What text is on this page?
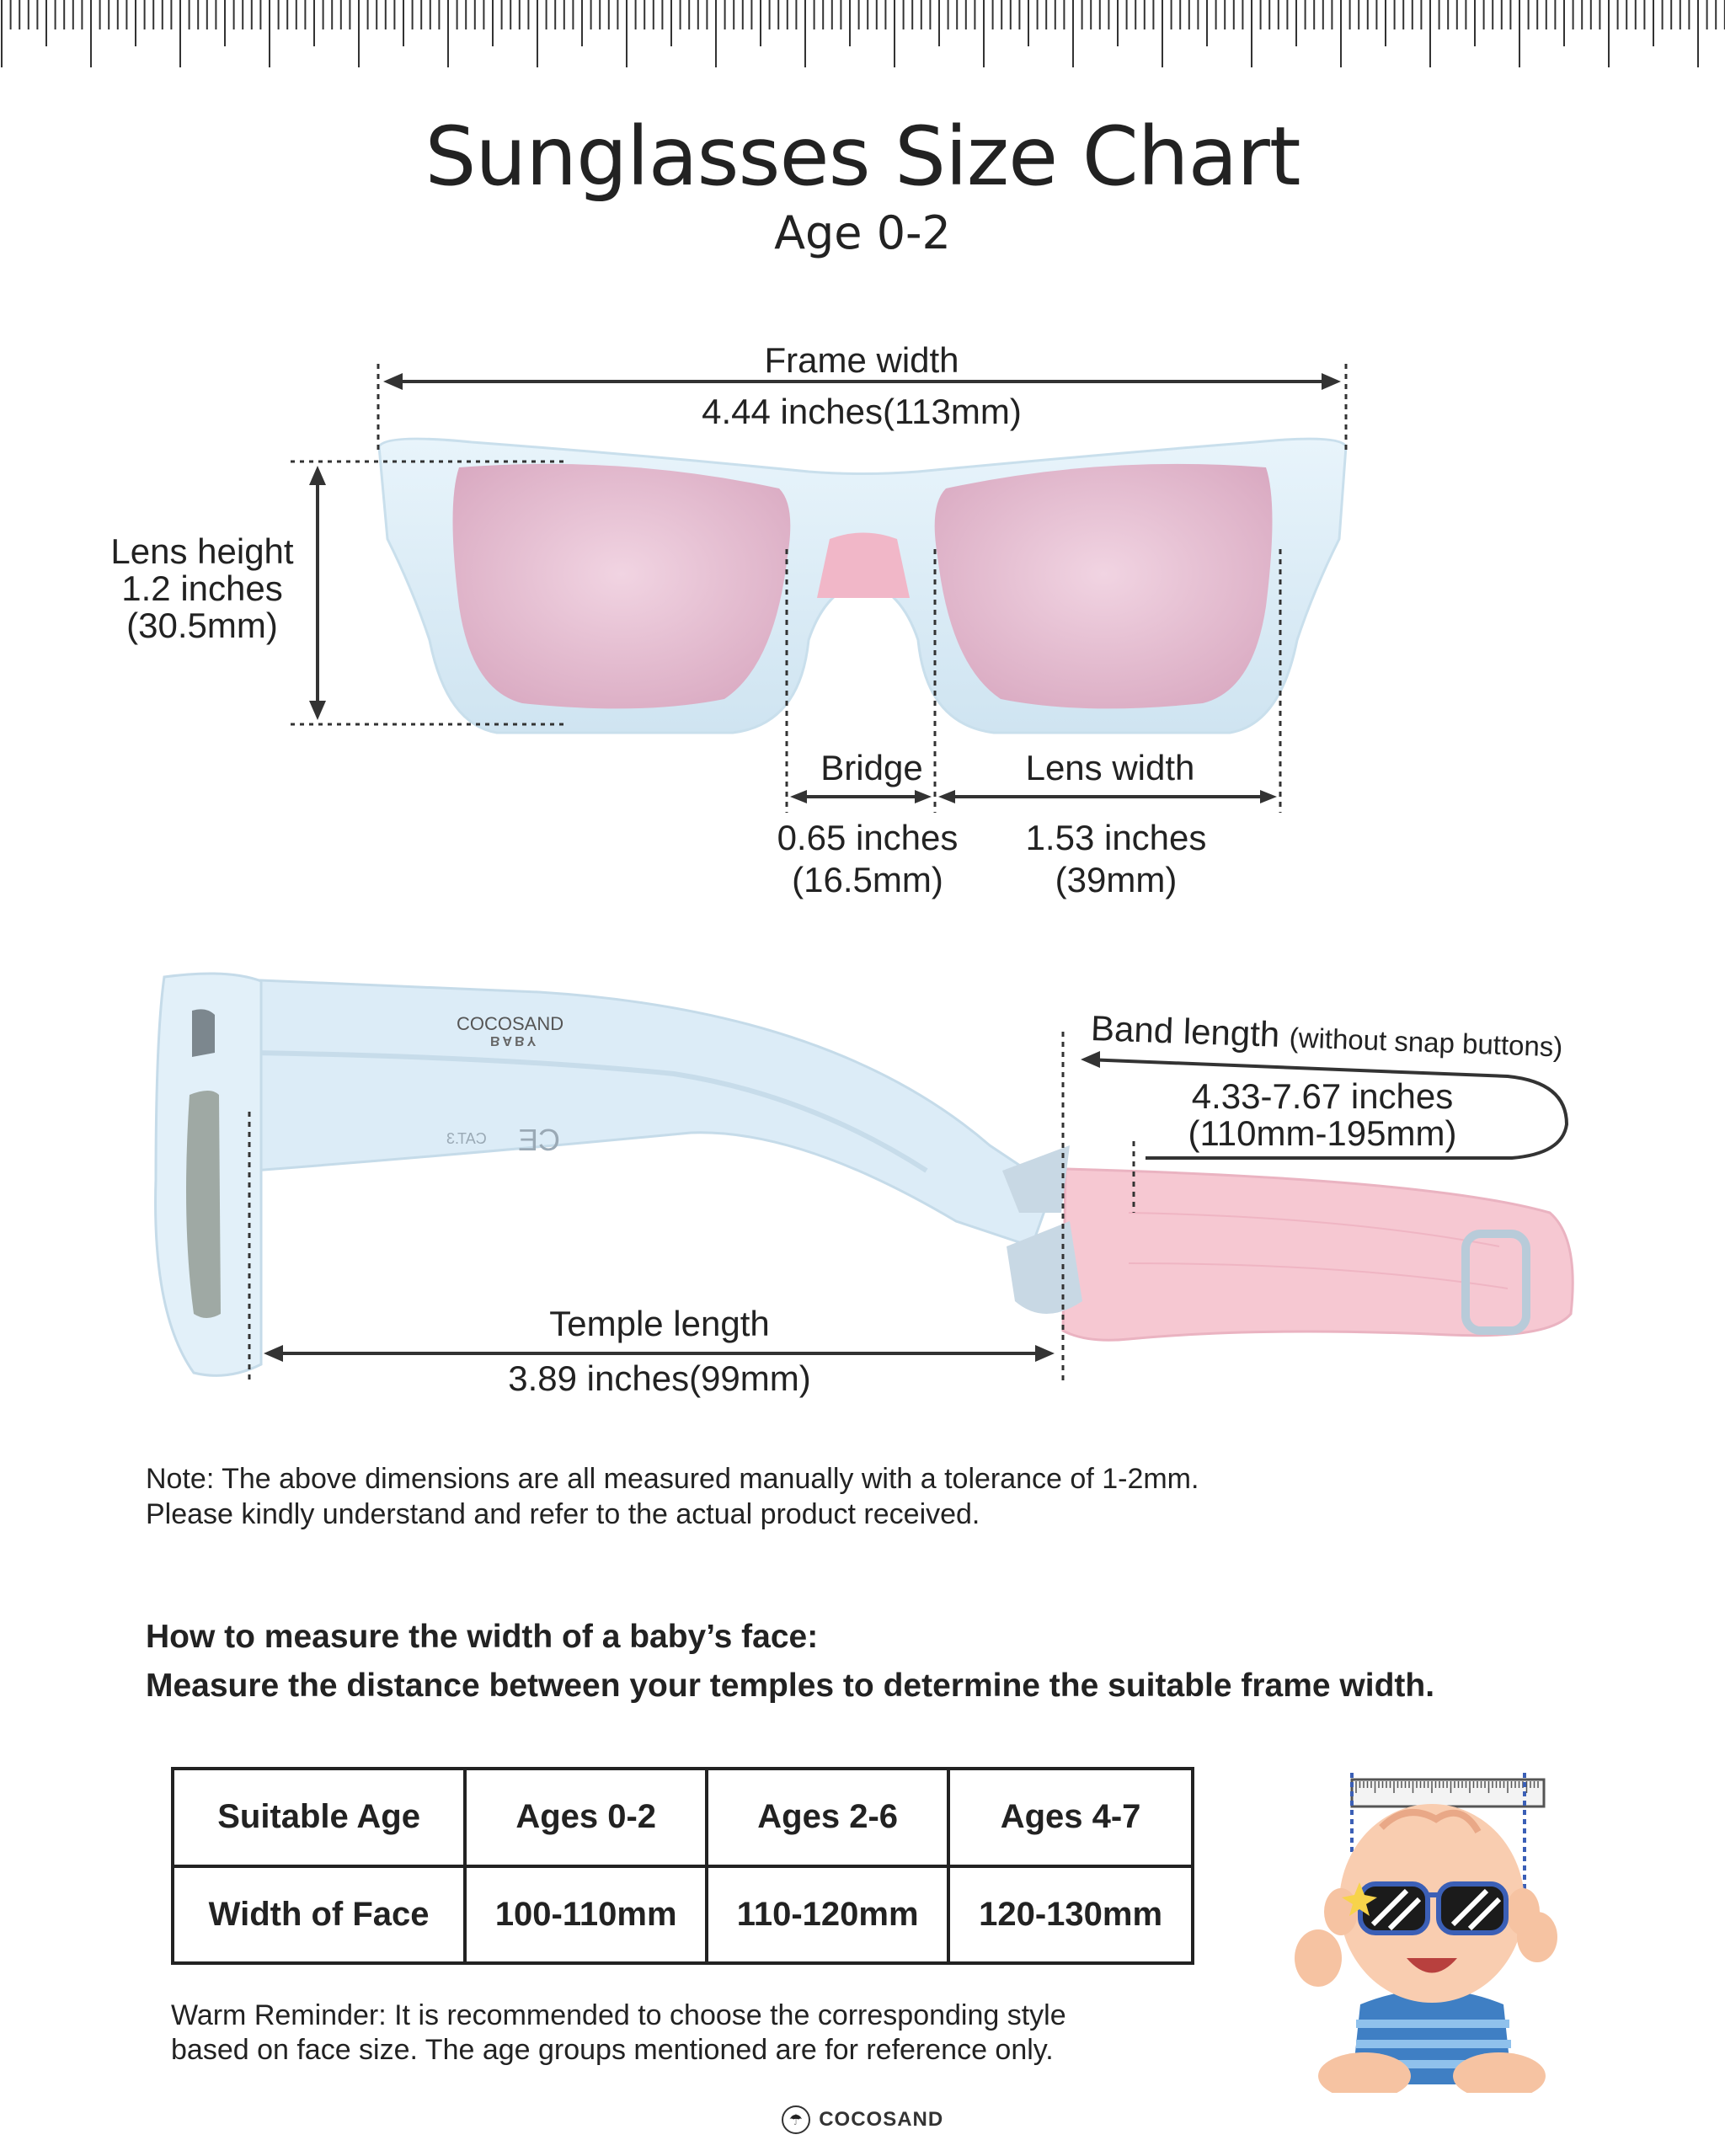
Sunglasses Size Chart
Age 0-2
Frame width
4.44 inches(113mm)
Lens height
1.2 inches
(30.5mm)
Bridge
0.65 inches
(16.5mm)
Lens width
1.53 inches
(39mm)
COCOSAND
BABY
CAT.3 CE
Band length (without snap buttons)
4.33-7.67 inches
(110mm-195mm)
Temple length
3.89 inches(99mm)
Note: The above dimensions are all measured manually with a tolerance of 1-2mm.
Please kindly understand and refer to the actual product received.
How to measure the width of a baby’s face:
Measure the distance between your temples to determine the suitable frame width.
Suitable Age	Ages 0-2	Ages 2-6	Ages 4-7
Width of Face	100-110mm	110-120mm	120-130mm
Warm Reminder: It is recommended to choose the corresponding style
based on face size. The age groups mentioned are for reference only.
☂ COCOSAND
